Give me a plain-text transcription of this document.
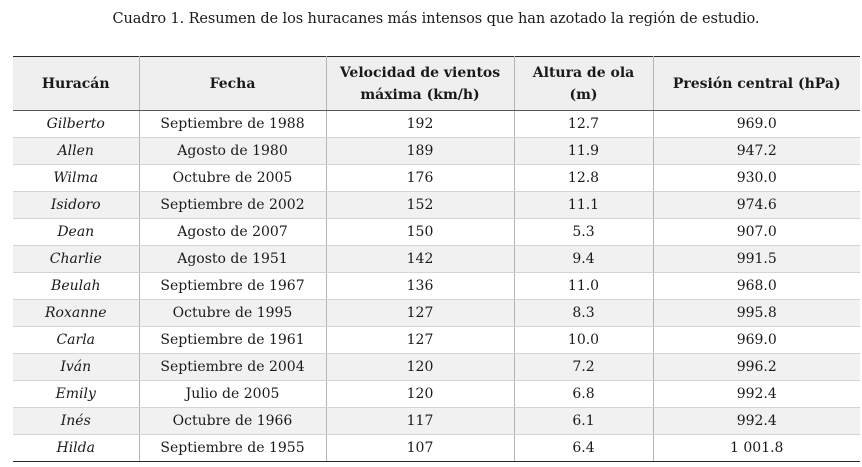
Cuadro 1. Resumen de los huracanes más intensos que han azotado la región de estudio.
Huracán	Fecha	Velocidad de vientos máxima (km/h)	Altura de ola (m)	Presión central (hPa)
Gilberto	Septiembre de 1988	192	12.7	969.0
Allen	Agosto de 1980	189	11.9	947.2
Wilma	Octubre de 2005	176	12.8	930.0
Isidoro	Septiembre de 2002	152	11.1	974.6
Dean	Agosto de 2007	150	5.3	907.0
Charlie	Agosto de 1951	142	9.4	991.5
Beulah	Septiembre de 1967	136	11.0	968.0
Roxanne	Octubre de 1995	127	8.3	995.8
Carla	Septiembre de 1961	127	10.0	969.0
Iván	Septiembre de 2004	120	7.2	996.2
Emily	Julio de 2005	120	6.8	992.4
Inés	Octubre de 1966	117	6.1	992.4
Hilda	Septiembre de 1955	107	6.4	1 001.8
